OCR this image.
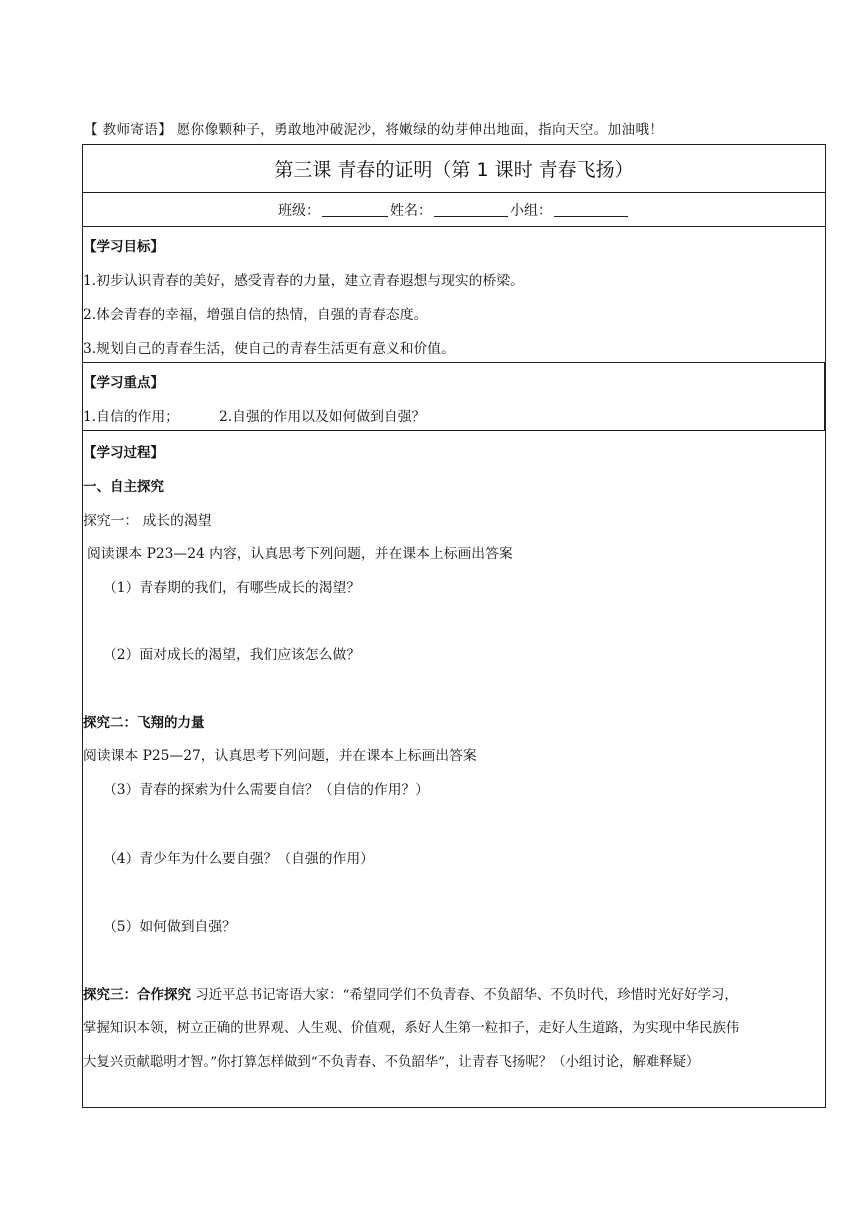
【 教师寄语】 愿你像颗种子，勇敢地冲破泥沙，将嫩绿的幼芽伸出地面，指向天空。加油哦！
第三课 青春的证明（第 1 课时 青春飞扬）
班级：	姓名：	小组：
【学习目标】
1.初步认识青春的美好，感受青春的力量，建立青春遐想与现实的桥梁。
2.体会青春的幸福，增强自信的热情，自强的青春态度。
3.规划自己的青春生活，使自己的青春生活更有意义和价值。
【学习重点】
1.自信的作用；	2.自强的作用以及如何做到自强？
【学习过程】
一、自主探究
探究一： 成长的渴望
阅读课本 P23—24 内容，认真思考下列问题，并在课本上标画出答案
（1）青春期的我们，有哪些成长的渴望？
（2）面对成长的渴望，我们应该怎么做？
探究二：飞翔的力量
阅读课本 P25—27，认真思考下列问题，并在课本上标画出答案
（3）青春的探索为什么需要自信？（自信的作用？）
（4）青少年为什么要自强？（自强的作用）
（5）如何做到自强？
探究三：合作探究 习近平总书记寄语大家：“希望同学们不负青春、不负韶华、不负时代，珍惜时光好好学习，
掌握知识本领，树立正确的世界观、人生观、价值观，系好人生第一粒扣子，走好人生道路，为实现中华民族伟
大复兴贡献聪明才智。”你打算怎样做到“不负青春、不负韶华”，让青春飞扬呢？（小组讨论，解难释疑）
